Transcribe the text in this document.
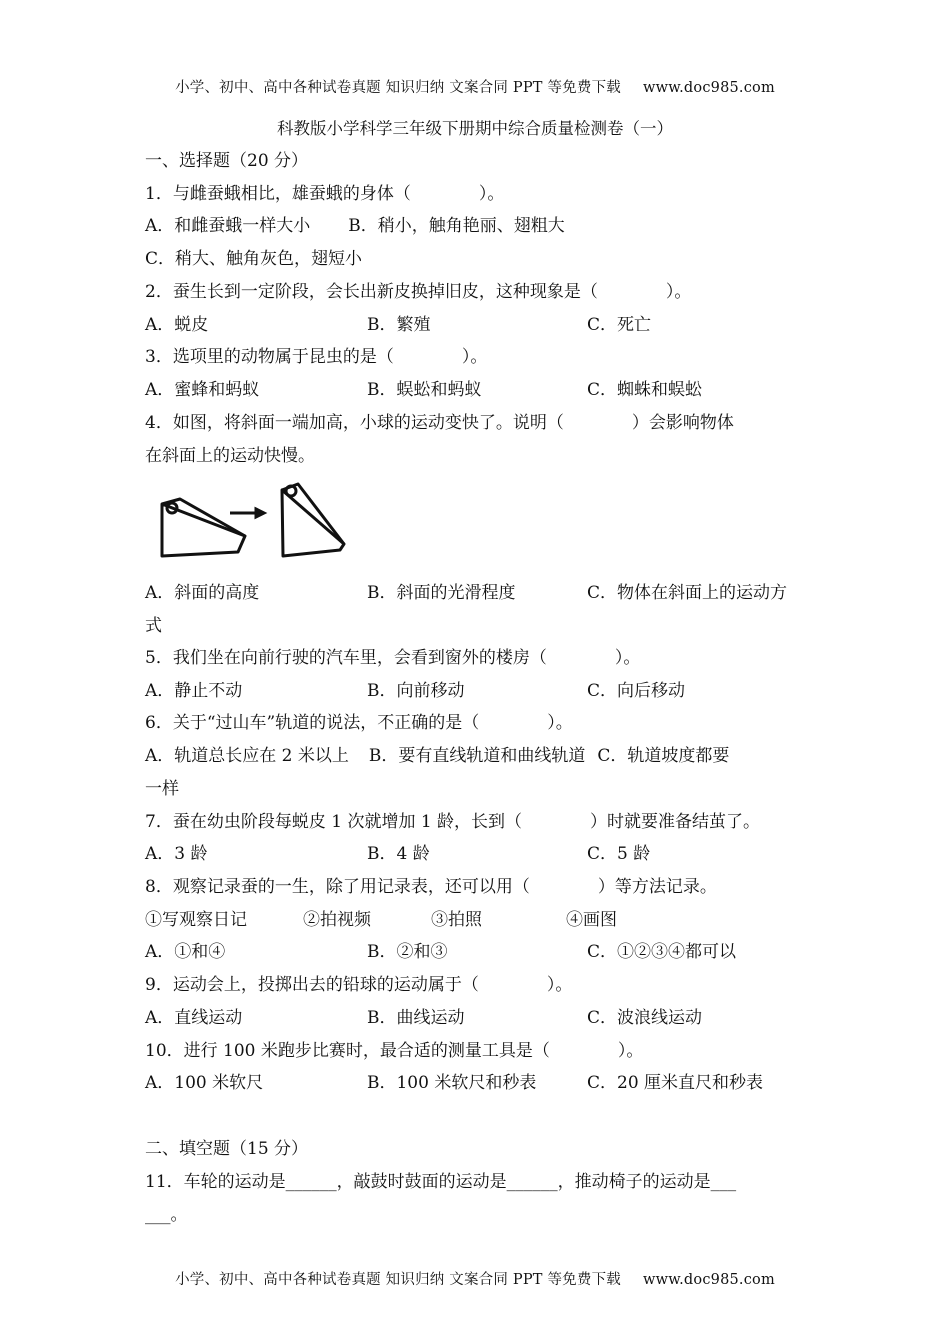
小学、初中、高中各种试卷真题 知识归纳 文案合同 PPT 等免费下载 www.doc985.com
科教版小学科学三年级下册期中综合质量检测卷（一）
一、选择题（20 分）
1．与雌蚕蛾相比，雄蚕蛾的身体（　　　　）。
A．和雌蚕蛾一样大小 B．稍小，触角艳丽、翅粗大
C．稍大、触角灰色，翅短小
2．蚕生长到一定阶段，会长出新皮换掉旧皮，这种现象是（　　　　）。
A．蜕皮	B．繁殖	C．死亡
3．选项里的动物属于昆虫的是（　　　　）。
A．蜜蜂和蚂蚁	B．蜈蚣和蚂蚁	C．蜘蛛和蜈蚣
4．如图，将斜面一端加高，小球的运动变快了。说明（　　　　）会影响物体
在斜面上的运动快慢。
A．斜面的高度	B．斜面的光滑程度	C．物体在斜面上的运动方
式
5．我们坐在向前行驶的汽车里，会看到窗外的楼房（　　　　）。
A．静止不动	B．向前移动	C．向后移动
6．关于“过山车”轨道的说法，不正确的是（　　　　）。
A．轨道总长应在 2 米以上 B．要有直线轨道和曲线轨道 C．轨道坡度都要
一样
7．蚕在幼虫阶段每蜕皮 1 次就增加 1 龄，长到（　　　　）时就要准备结茧了。
A．3 龄	B．4 龄	C．5 龄
8．观察记录蚕的一生，除了用记录表，还可以用（　　　　）等方法记录。
①写观察日记	②拍视频	③拍照	④画图
A．①和④	B．②和③	C．①②③④都可以
9．运动会上，投掷出去的铅球的运动属于（　　　　）。
A．直线运动	B．曲线运动	C．波浪线运动
10．进行 100 米跑步比赛时，最合适的测量工具是（　　　　）。
A．100 米软尺	B．100 米软尺和秒表	C．20 厘米直尺和秒表
二、填空题（15 分）
11．车轮的运动是______，敲鼓时鼓面的运动是______，推动椅子的运动是___
___。
小学、初中、高中各种试卷真题 知识归纳 文案合同 PPT 等免费下载 www.doc985.com
